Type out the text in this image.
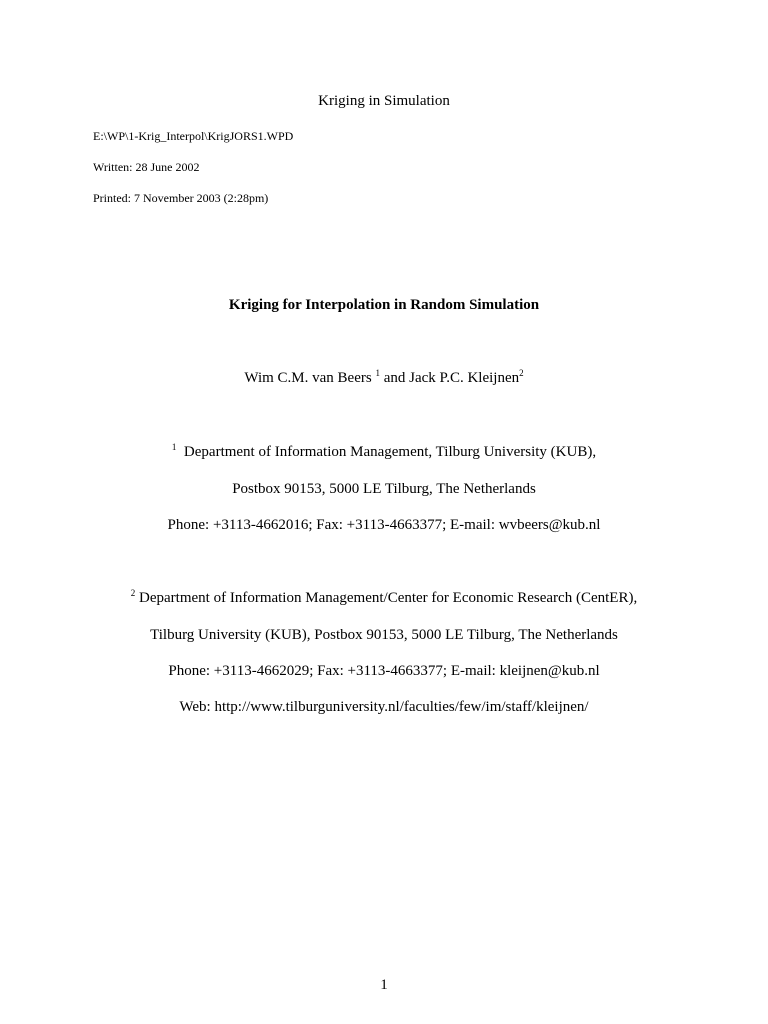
Kriging in Simulation
E:\WP\1-Krig_Interpol\KrigJORS1.WPD
Written: 28 June 2002
Printed: 7 November 2003 (2:28pm)
Kriging for Interpolation in Random Simulation
Wim C.M. van Beers $^1$ and Jack P.C. Kleijnen$^2$
$^1$ Department of Information Management, Tilburg University (KUB),
Postbox 90153, 5000 LE Tilburg, The Netherlands
Phone: +3113-4662016; Fax: +3113-4663377; E-mail: wvbeers@kub.nl
$^2$ Department of Information Management/Center for Economic Research (CentER),
Tilburg University (KUB), Postbox 90153, 5000 LE Tilburg, The Netherlands
Phone: +3113-4662029; Fax: +3113-4663377; E-mail: kleijnen@kub.nl
Web: http://www.tilburguniversity.nl/faculties/few/im/staff/kleijnen/
1
